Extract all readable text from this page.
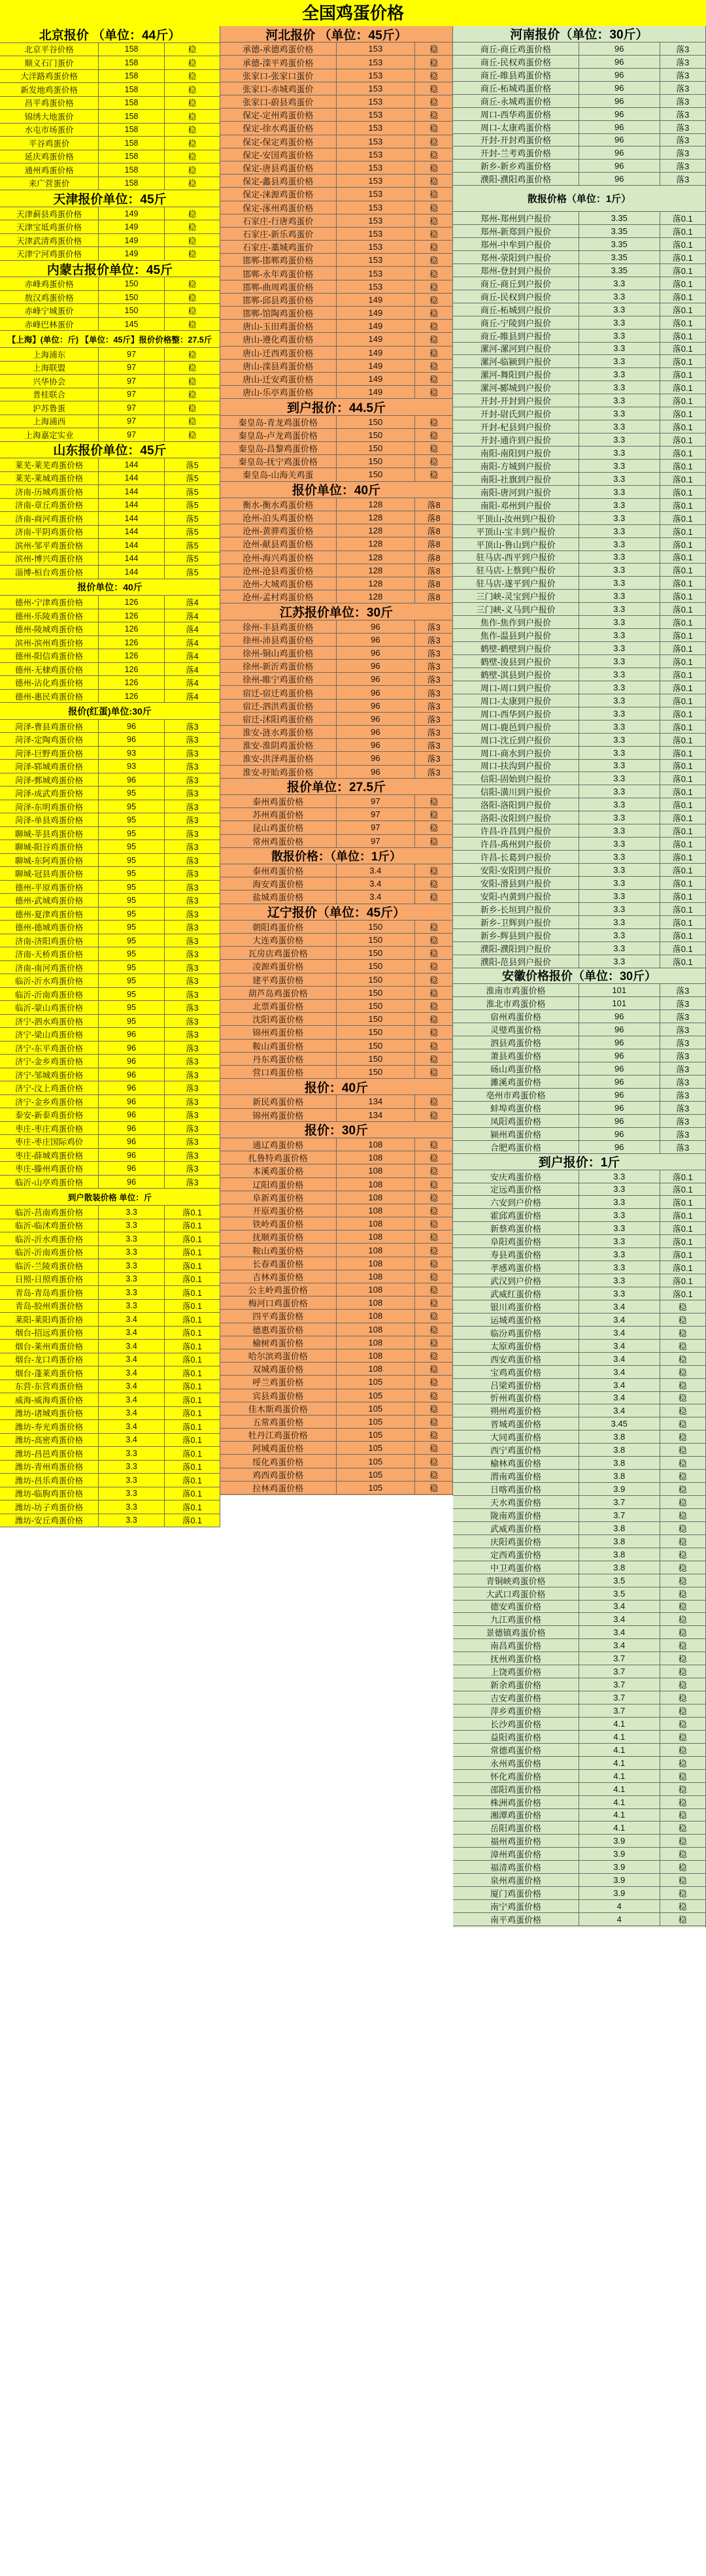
全国鸡蛋价格
北京报价 （单位：44斤）
北京平谷价格	158	稳
顺义石门蛋价	158	稳
大洋路鸡蛋价格	158	稳
新发地鸡蛋价格	158	稳
昌平鸡蛋价格	158	稳
锦绣大地蛋价	158	稳
水屯市场蛋价	158	稳
平谷鸡蛋价	158	稳
延庆鸡蛋价格	158	稳
通州鸡蛋价格	158	稳
来广营蛋价	158	稳
天津报价单位：45斤
天津蓟县鸡蛋价格	149	稳
天津宝坻鸡蛋价格	149	稳
天津武清鸡蛋价格	149	稳
天津宁河鸡蛋价格	149	稳
内蒙古报价单位：45斤
赤峰鸡蛋价格	150	稳
敖汉鸡蛋价格	150	稳
赤峰宁城蛋价	150	稳
赤峰巴林蛋价	145	稳
【上海】(单位：斤) 【单位：45斤】报价价格整：27.5斤
上海浦东	97	稳
上海联盟	97	稳
兴华协会	97	稳
普桂联合	97	稳
沪苏鲁蛋	97	稳
上海浦西	97	稳
上海嘉定实业	97	稳
山东报价单位：45斤
莱芜-莱芜鸡蛋价格	144	落5
莱芜-莱城鸡蛋价格	144	落5
济南-历城鸡蛋价格	144	落5
济南-章丘鸡蛋价格	144	落5
济南-商河鸡蛋价格	144	落5
济南-平阴鸡蛋价格	144	落5
滨州-邹平鸡蛋价格	144	落5
滨州-博兴鸡蛋价格	144	落5
淄博-桓台鸡蛋价格	144	落5
报价单位：40斤
德州-宁津鸡蛋价格	126	落4
德州-乐陵鸡蛋价格	126	落4
德州-陵城鸡蛋价格	126	落4
滨州-滨州鸡蛋价格	126	落4
德州-阳信鸡蛋价格	126	落4
德州-无棣鸡蛋价格	126	落4
德州-沾化鸡蛋价格	126	落4
德州-惠民鸡蛋价格	126	落4
报价(红蛋)单位:30斤
菏泽-曹县鸡蛋价格	96	落3
菏泽-定陶鸡蛋价格	96	落3
菏泽-巨野鸡蛋价格	93	落3
菏泽-郓城鸡蛋价格	93	落3
菏泽-鄄城鸡蛋价格	96	落3
菏泽-成武鸡蛋价格	95	落3
菏泽-东明鸡蛋价格	95	落3
菏泽-单县鸡蛋价格	95	落3
聊城-莘县鸡蛋价格	95	落3
聊城-阳谷鸡蛋价格	95	落3
聊城-东阿鸡蛋价格	95	落3
聊城-冠县鸡蛋价格	95	落3
德州-平原鸡蛋价格	95	落3
德州-武城鸡蛋价格	95	落3
德州-夏津鸡蛋价格	95	落3
德州-德城鸡蛋价格	95	落3
济南-济阳鸡蛋价格	95	落3
济南-天桥鸡蛋价格	95	落3
济南-南河鸡蛋价格	95	落3
临沂-沂水鸡蛋价格	95	落3
临沂-沂南鸡蛋价格	95	落3
临沂-蒙山鸡蛋价格	95	落3
济宁-泗水鸡蛋价格	95	落3
济宁-梁山鸡蛋价格	96	落3
济宁-东平鸡蛋价格	96	落3
济宁-金乡鸡蛋价格	96	落3
济宁-邹城鸡蛋价格	96	落3
济宁-汶上鸡蛋价格	96	落3
济宁-金乡鸡蛋价格	96	落3
泰安-新泰鸡蛋价格	96	落3
枣庄-枣庄鸡蛋价格	96	落3
枣庄-枣庄国际鸡价	96	落3
枣庄-薛城鸡蛋价格	96	落3
枣庄-滕州鸡蛋价格	96	落3
临沂-山亭鸡蛋价格	96	落3
到户散装价格 单位：斤
临沂-莒南鸡蛋价格	3.3	落0.1
临沂-临沭鸡蛋价格	3.3	落0.1
临沂-沂水鸡蛋价格	3.3	落0.1
临沂-沂南鸡蛋价格	3.3	落0.1
临沂-兰陵鸡蛋价格	3.3	落0.1
日照-日照鸡蛋价格	3.3	落0.1
青岛-青岛鸡蛋价格	3.3	落0.1
青岛-胶州鸡蛋价格	3.3	落0.1
莱阳-莱阳鸡蛋价格	3.4	落0.1
烟台-招远鸡蛋价格	3.4	落0.1
烟台-莱州鸡蛋价格	3.4	落0.1
烟台-龙口鸡蛋价格	3.4	落0.1
烟台-蓬莱鸡蛋价格	3.4	落0.1
东营-东营鸡蛋价格	3.4	落0.1
威海-威海鸡蛋价格	3.4	落0.1
潍坊-诸城鸡蛋价格	3.4	落0.1
潍坊-寿光鸡蛋价格	3.4	落0.1
潍坊-高密鸡蛋价格	3.4	落0.1
潍坊-昌邑鸡蛋价格	3.3	落0.1
潍坊-青州鸡蛋价格	3.3	落0.1
潍坊-昌乐鸡蛋价格	3.3	落0.1
潍坊-临朐鸡蛋价格	3.3	落0.1
潍坊-坊子鸡蛋价格	3.3	落0.1
潍坊-安丘鸡蛋价格	3.3	落0.1
河北报价 （单位：45斤）
承德-承德鸡蛋价格	153	稳
承德-滦平鸡蛋价格	153	稳
张家口-张家口蛋价	153	稳
张家口-赤城鸡蛋价	153	稳
张家口-蔚县鸡蛋价	153	稳
保定-定州鸡蛋价格	153	稳
保定-徐水鸡蛋价格	153	稳
保定-保定鸡蛋价格	153	稳
保定-安国鸡蛋价格	153	稳
保定-唐县鸡蛋价格	153	稳
保定-蠡县鸡蛋价格	153	稳
保定-涞源鸡蛋价格	153	稳
保定-涿州鸡蛋价格	153	稳
石家庄-行唐鸡蛋价	153	稳
石家庄-新乐鸡蛋价	153	稳
石家庄-藁城鸡蛋价	153	稳
邯郸-邯郸鸡蛋价格	153	稳
邯郸-永年鸡蛋价格	153	稳
邯郸-曲周鸡蛋价格	153	稳
邯郸-邱县鸡蛋价格	149	稳
邯郸-馆陶鸡蛋价格	149	稳
唐山-玉田鸡蛋价格	149	稳
唐山-遵化鸡蛋价格	149	稳
唐山-迁西鸡蛋价格	149	稳
唐山-滦县鸡蛋价格	149	稳
唐山-迁安鸡蛋价格	149	稳
唐山-乐亭鸡蛋价格	149	稳
到户报价：44.5斤
秦皇岛-青龙鸡蛋价格	150	稳
秦皇岛-卢龙鸡蛋价格	150	稳
秦皇岛-昌黎鸡蛋价格	150	稳
秦皇岛-抚宁鸡蛋价格	150	稳
秦皇岛-山海关鸡蛋	150	稳
报价单位：40斤
衡水-衡水鸡蛋价格	128	落8
沧州-泊头鸡蛋价格	128	落8
沧州-黄骅鸡蛋价格	128	落8
沧州-献县鸡蛋价格	128	落8
沧州-海兴鸡蛋价格	128	落8
沧州-沧县鸡蛋价格	128	落8
沧州-大城鸡蛋价格	128	落8
沧州-孟村鸡蛋价格	128	落8
江苏报价单位：30斤
徐州-丰县鸡蛋价格	96	落3
徐州-沛县鸡蛋价格	96	落3
徐州-铜山鸡蛋价格	96	落3
徐州-新沂鸡蛋价格	96	落3
徐州-睢宁鸡蛋价格	96	落3
宿迁-宿迁鸡蛋价格	96	落3
宿迁-泗洪鸡蛋价格	96	落3
宿迁-沭阳鸡蛋价格	96	落3
淮安-涟水鸡蛋价格	96	落3
淮安-淮阴鸡蛋价格	96	落3
淮安-洪泽鸡蛋价格	96	落3
淮安-盱眙鸡蛋价格	96	落3
报价单位：27.5斤
泰州鸡蛋价格	97	稳
苏州鸡蛋价格	97	稳
昆山鸡蛋价格	97	稳
常州鸡蛋价格	97	稳
散报价格：（单位：1斤）
泰州鸡蛋价格	3.4	稳
海安鸡蛋价格	3.4	稳
盐城鸡蛋价格	3.4	稳
辽宁报价（单位：45斤）
朝阳鸡蛋价格	150	稳
大连鸡蛋价格	150	稳
瓦房店鸡蛋价格	150	稳
凌源鸡蛋价格	150	稳
建平鸡蛋价格	150	稳
葫芦岛鸡蛋价格	150	稳
北票鸡蛋价格	150	稳
沈阳鸡蛋价格	150	稳
锦州鸡蛋价格	150	稳
鞍山鸡蛋价格	150	稳
丹东鸡蛋价格	150	稳
营口鸡蛋价格	150	稳
报价：40斤
新民鸡蛋价格	134	稳
锦州鸡蛋价格	134	稳
报价：30斤
通辽鸡蛋价格	108	稳
扎鲁特鸡蛋价格	108	稳
本溪鸡蛋价格	108	稳
辽阳鸡蛋价格	108	稳
阜新鸡蛋价格	108	稳
开原鸡蛋价格	108	稳
铁岭鸡蛋价格	108	稳
抚顺鸡蛋价格	108	稳
鞍山鸡蛋价格	108	稳
长春鸡蛋价格	108	稳
吉林鸡蛋价格	108	稳
公主岭鸡蛋价格	108	稳
梅河口鸡蛋价格	108	稳
四平鸡蛋价格	108	稳
德惠鸡蛋价格	108	稳
榆树鸡蛋价格	108	稳
哈尔滨鸡蛋价格	108	稳
双城鸡蛋价格	108	稳
呼兰鸡蛋价格	105	稳
宾县鸡蛋价格	105	稳
佳木斯鸡蛋价格	105	稳
五常鸡蛋价格	105	稳
牡丹江鸡蛋价格	105	稳
阿城鸡蛋价格	105	稳
绥化鸡蛋价格	105	稳
鸡西鸡蛋价格	105	稳
拉林鸡蛋价格	105	稳
河南报价（单位：30斤）
商丘-商丘鸡蛋价格	96	落3
商丘-民权鸡蛋价格	96	落3
商丘-睢县鸡蛋价格	96	落3
商丘-柘城鸡蛋价格	96	落3
商丘-永城鸡蛋价格	96	落3
周口-西华鸡蛋价格	96	落3
周口-太康鸡蛋价格	96	落3
开封-开封鸡蛋价格	96	落3
开封-兰考鸡蛋价格	96	落3
新乡-新乡鸡蛋价格	96	落3
濮阳-濮阳鸡蛋价格	96	落3
散报价格（单位：1斤）
郑州-郑州到户报价	3.35	落0.1
郑州-新郑到户报价	3.35	落0.1
郑州-中牟到户报价	3.35	落0.1
郑州-荥阳到户报价	3.35	落0.1
郑州-登封到户报价	3.35	落0.1
商丘-商丘到户报价	3.3	落0.1
商丘-民权到户报价	3.3	落0.1
商丘-柘城到户报价	3.3	落0.1
商丘-宁陵到户报价	3.3	落0.1
商丘-睢县到户报价	3.3	落0.1
漯河-漯河到户报价	3.3	落0.1
漯河-临颍到户报价	3.3	落0.1
漯河-舞阳到户报价	3.3	落0.1
漯河-郾城到户报价	3.3	落0.1
开封-开封到户报价	3.3	落0.1
开封-尉氏到户报价	3.3	落0.1
开封-杞县到户报价	3.3	落0.1
开封-通许到户报价	3.3	落0.1
南阳-南阳到户报价	3.3	落0.1
南阳-方城到户报价	3.3	落0.1
南阳-社旗到户报价	3.3	落0.1
南阳-唐河到户报价	3.3	落0.1
南阳-邓州到户报价	3.3	落0.1
平顶山-汝州到户报价	3.3	落0.1
平顶山-宝丰到户报价	3.3	落0.1
平顶山-鲁山到户报价	3.3	落0.1
驻马店-西平到户报价	3.3	落0.1
驻马店-上蔡到户报价	3.3	落0.1
驻马店-遂平到户报价	3.3	落0.1
三门峡-灵宝到户报价	3.3	落0.1
三门峡-义马到户报价	3.3	落0.1
焦作-焦作到户报价	3.3	落0.1
焦作-温县到户报价	3.3	落0.1
鹤壁-鹤壁到户报价	3.3	落0.1
鹤壁-浚县到户报价	3.3	落0.1
鹤壁-淇县到户报价	3.3	落0.1
周口-周口到户报价	3.3	落0.1
周口-太康到户报价	3.3	落0.1
周口-西华到户报价	3.3	落0.1
周口-鹿邑到户报价	3.3	落0.1
周口-沈丘到户报价	3.3	落0.1
周口-商水到户报价	3.3	落0.1
周口-扶沟到户报价	3.3	落0.1
信阳-固始到户报价	3.3	落0.1
信阳-潢川到户报价	3.3	落0.1
洛阳-洛阳到户报价	3.3	落0.1
洛阳-汝阳到户报价	3.3	落0.1
许昌-许昌到户报价	3.3	落0.1
许昌-禹州到户报价	3.3	落0.1
许昌-长葛到户报价	3.3	落0.1
安阳-安阳到户报价	3.3	落0.1
安阳-滑县到户报价	3.3	落0.1
安阳-内黄到户报价	3.3	落0.1
新乡-长垣到户报价	3.3	落0.1
新乡-卫辉到户报价	3.3	落0.1
新乡-辉县到户报价	3.3	落0.1
濮阳-濮阳到户报价	3.3	落0.1
濮阳-范县到户报价	3.3	落0.1
安徽价格报价（单位：30斤）
淮南市鸡蛋价格	101	落3
淮北市鸡蛋价格	101	落3
宿州鸡蛋价格	96	落3
灵璧鸡蛋价格	96	落3
泗县鸡蛋价格	96	落3
萧县鸡蛋价格	96	落3
砀山鸡蛋价格	96	落3
濉溪鸡蛋价格	96	落3
亳州市鸡蛋价格	96	落3
蚌埠鸡蛋价格	96	落3
凤阳鸡蛋价格	96	落3
颍州鸡蛋价格	96	落3
合肥鸡蛋价格	96	落3
到户报价：1斤
安庆鸡蛋价格	3.3	落0.1
定远鸡蛋价格	3.3	落0.1
六安到户价格	3.3	落0.1
霍邱鸡蛋价格	3.3	落0.1
新蔡鸡蛋价格	3.3	落0.1
阜阳鸡蛋价格	3.3	落0.1
寿县鸡蛋价格	3.3	落0.1
孝感鸡蛋价格	3.3	落0.1
武汉到户价格	3.3	落0.1
武威红蛋价格	3.3	落0.1
银川鸡蛋价格	3.4	稳
运城鸡蛋价格	3.4	稳
临汾鸡蛋价格	3.4	稳
太原鸡蛋价格	3.4	稳
西安鸡蛋价格	3.4	稳
宝鸡鸡蛋价格	3.4	稳
吕梁鸡蛋价格	3.4	稳
忻州鸡蛋价格	3.4	稳
朔州鸡蛋价格	3.4	稳
晋城鸡蛋价格	3.45	稳
大同鸡蛋价格	3.8	稳
西宁鸡蛋价格	3.8	稳
榆林鸡蛋价格	3.8	稳
渭南鸡蛋价格	3.8	稳
日喀鸡蛋价格	3.9	稳
天水鸡蛋价格	3.7	稳
陇南鸡蛋价格	3.7	稳
武威鸡蛋价格	3.8	稳
庆阳鸡蛋价格	3.8	稳
定西鸡蛋价格	3.8	稳
中卫鸡蛋价格	3.8	稳
青铜峡鸡蛋价格	3.5	稳
大武口鸡蛋价格	3.5	稳
德安鸡蛋价格	3.4	稳
九江鸡蛋价格	3.4	稳
景德镇鸡蛋价格	3.4	稳
南昌鸡蛋价格	3.4	稳
抚州鸡蛋价格	3.7	稳
上饶鸡蛋价格	3.7	稳
新余鸡蛋价格	3.7	稳
吉安鸡蛋价格	3.7	稳
萍乡鸡蛋价格	3.7	稳
长沙鸡蛋价格	4.1	稳
益阳鸡蛋价格	4.1	稳
常德鸡蛋价格	4.1	稳
永州鸡蛋价格	4.1	稳
怀化鸡蛋价格	4.1	稳
邵阳鸡蛋价格	4.1	稳
株洲鸡蛋价格	4.1	稳
湘潭鸡蛋价格	4.1	稳
岳阳鸡蛋价格	4.1	稳
福州鸡蛋价格	3.9	稳
漳州鸡蛋价格	3.9	稳
福清鸡蛋价格	3.9	稳
泉州鸡蛋价格	3.9	稳
厦门鸡蛋价格	3.9	稳
南宁鸡蛋价格	4	稳
南平鸡蛋价格	4	稳
